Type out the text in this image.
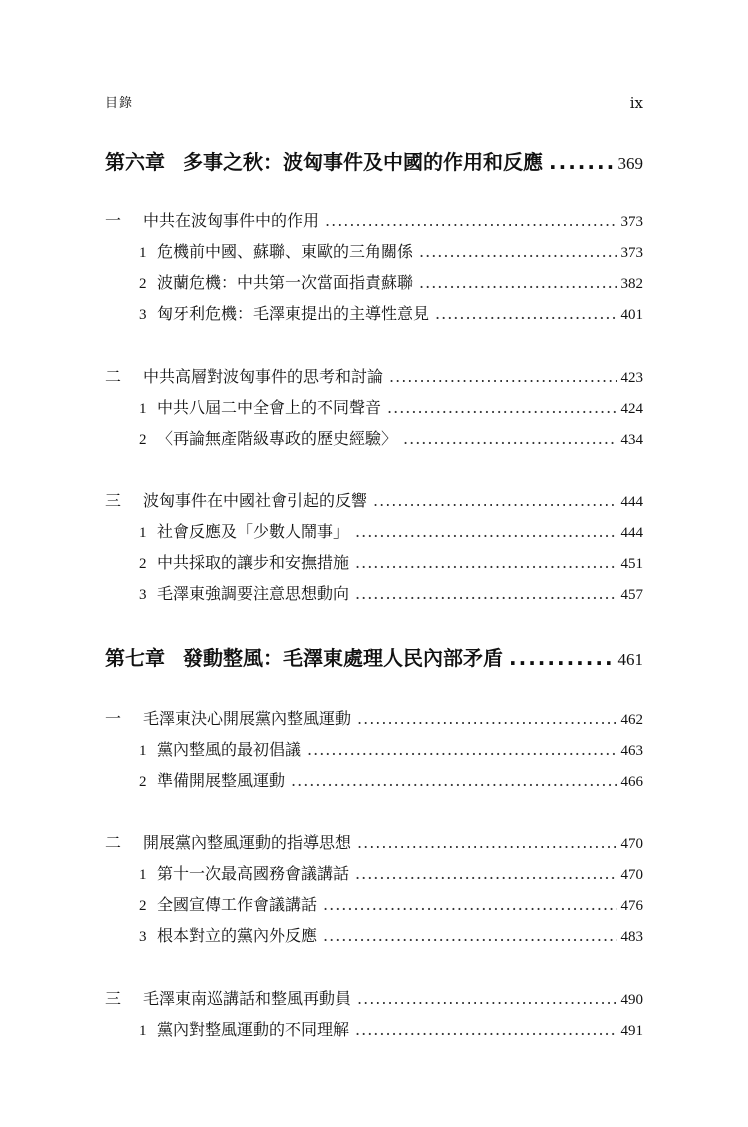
目錄	ix
第六章 多事之秋：波匈事件及中國的作用和反應 .....	369
一	中共在波匈事件中的作用 .....	373
1 危機前中國、蘇聯、東歐的三角關係 .....	373
2 波蘭危機：中共第一次當面指責蘇聯 .....	382
3 匈牙利危機：毛澤東提出的主導性意見 .....	401
二	中共高層對波匈事件的思考和討論 .....	423
1 中共八屆二中全會上的不同聲音 .....	424
2 〈再論無產階級專政的歷史經驗〉 .....	434
三	波匈事件在中國社會引起的反響 .....	444
1 社會反應及「少數人鬧事」 .....	444
2 中共採取的讓步和安撫措施 .....	451
3 毛澤東強調要注意思想動向 .....	457
第七章 發動整風：毛澤東處理人民內部矛盾 .....	461
一	毛澤東決心開展黨內整風運動 .....	462
1 黨內整風的最初倡議 .....	463
2 準備開展整風運動 .....	466
二	開展黨內整風運動的指導思想 .....	470
1 第十一次最高國務會議講話 .....	470
2 全國宣傳工作會議講話 .....	476
3 根本對立的黨內外反應 .....	483
三	毛澤東南巡講話和整風再動員 .....	490
1 黨內對整風運動的不同理解 .....	491
